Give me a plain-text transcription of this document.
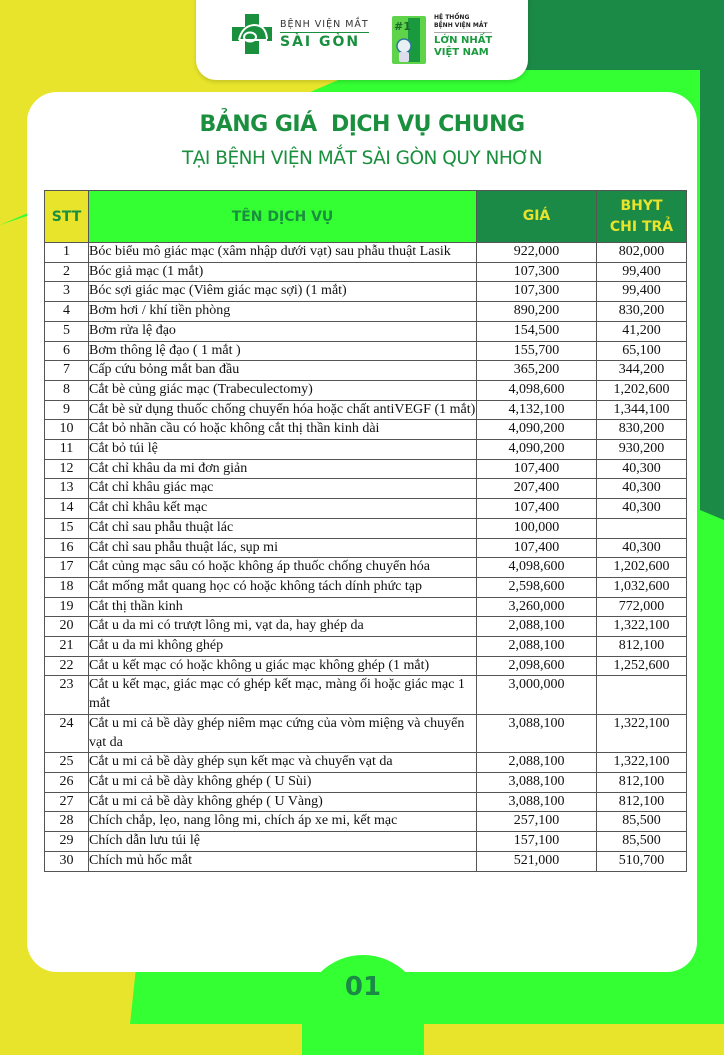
BỆNH VIỆN MẮT
SÀI GÒN
#1
HỆ THỐNG
BỆNH VIỆN MẮT
LỚN NHẤT
VIỆT NAM
BẢNG GIÁ  DỊCH VỤ CHUNG
TẠI BỆNH VIỆN MẮT SÀI GÒN QUY NHƠN
STT	TÊN DỊCH VỤ	GIÁ	BHYT
CHI TRẢ

1	Bóc biểu mô giác mạc (xâm nhập dưới vạt) sau phẫu thuật Lasik	922,000	802,000
2	Bóc giả mạc (1 mắt)	107,300	99,400
3	Bóc sợi giác mạc (Viêm giác mạc sợi) (1 mắt)	107,300	99,400
4	Bơm hơi / khí tiền phòng	890,200	830,200
5	Bơm rửa lệ đạo	154,500	41,200
6	Bơm thông lệ đạo ( 1 mắt )	155,700	65,100
7	Cấp cứu bỏng mắt ban đầu	365,200	344,200
8	Cắt bè củng giác mạc (Trabeculectomy)	4,098,600	1,202,600
9	Cắt bè sử dụng thuốc chống chuyển hóa hoặc chất antiVEGF (1 mắt)	4,132,100	1,344,100
10	Cắt bỏ nhãn cầu có hoặc không cắt thị thần kinh dài	4,090,200	830,200
11	Cắt bỏ túi lệ	4,090,200	930,200
12	Cắt chỉ khâu da mi đơn giản	107,400	40,300
13	Cắt chỉ khâu giác mạc	207,400	40,300
14	Cắt chỉ khâu kết mạc	107,400	40,300
15	Cắt chỉ sau phẫu thuật lác	100,000	
16	Cắt chỉ sau phẫu thuật lác, sụp mi	107,400	40,300
17	Cắt củng mạc sâu có hoặc không áp thuốc chống chuyển hóa	4,098,600	1,202,600
18	Cắt mống mắt quang học có hoặc không tách dính phức tạp	2,598,600	1,032,600
19	Cắt thị thần kinh	3,260,000	772,000
20	Cắt u da mi có trượt lông mi, vạt da, hay ghép da	2,088,100	1,322,100
21	Cắt u da mi không ghép	2,088,100	812,100
22	Cắt u kết mạc có hoặc không u giác mạc không ghép (1 mắt)	2,098,600	1,252,600
23	Cắt u kết mạc, giác mạc có ghép kết mạc, màng ối hoặc giác mạc 1 mắt	3,000,000	
24	Cắt u mi cả bề dày ghép niêm mạc cứng của vòm miệng và chuyển vạt da	3,088,100	1,322,100
25	Cắt u mi cả bề dày ghép sụn kết mạc và chuyển vạt da	2,088,100	1,322,100
26	Cắt u mi cả bề dày không ghép ( U Sùi)	3,088,100	812,100
27	Cắt u mi cả bề dày không ghép ( U Vàng)	3,088,100	812,100
28	Chích chắp, lẹo, nang lông mi, chích áp xe mi, kết mạc	257,100	85,500
29	Chích dẫn lưu túi lệ	157,100	85,500
30	Chích mủ hốc mắt	521,000	510,700
01
